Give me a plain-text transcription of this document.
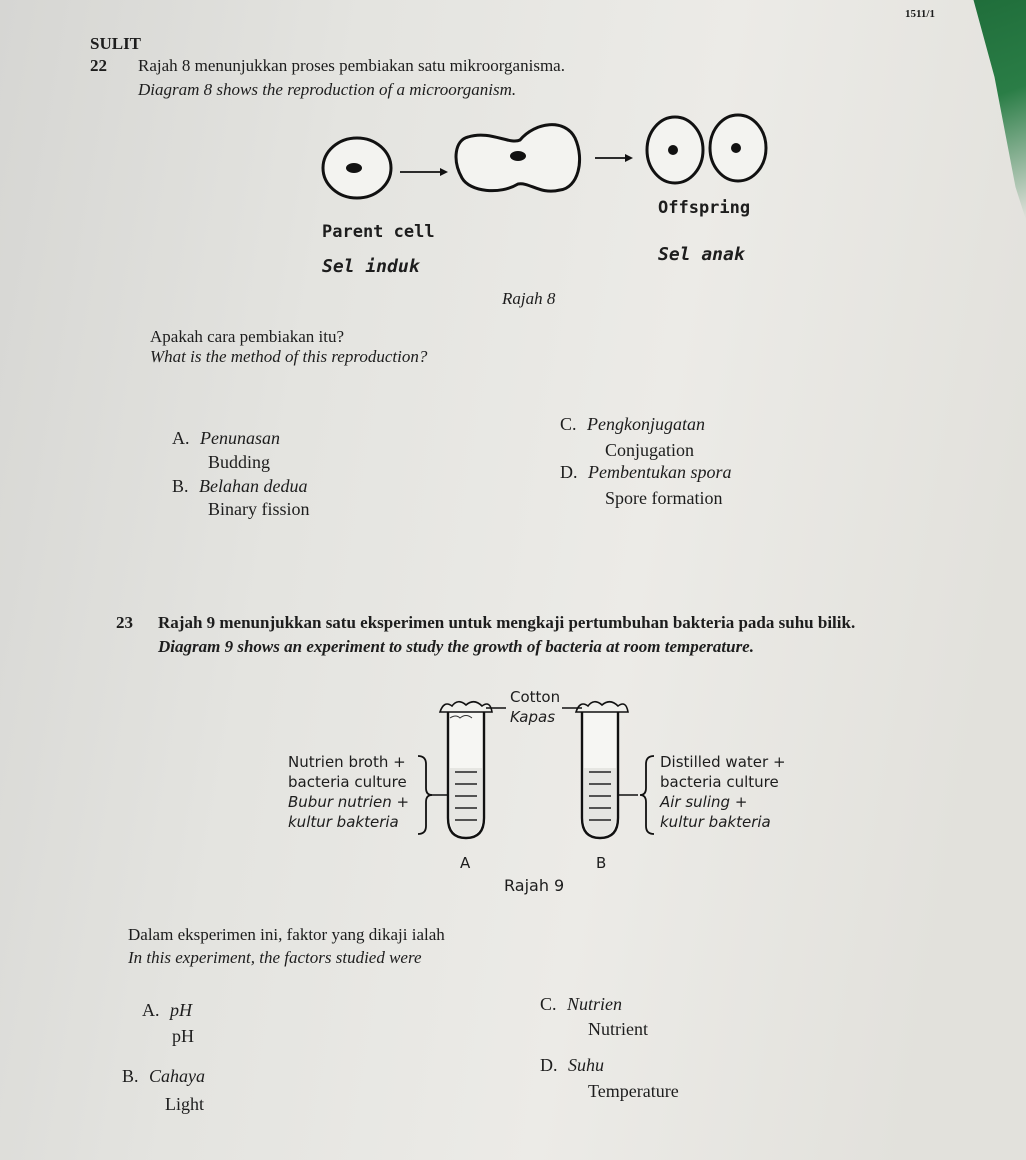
1511/1
SULIT
22 Rajah 8 menunjukkan proses pembiakan satu mikroorganisma.
Diagram 8 shows the reproduction of a microorganism.
Offspring
Parent cell
Sel induk
Sel anak
Rajah 8
Apakah cara pembiakan itu?
What is the method of this reproduction?
A. Penunasan
Budding
B. Belahan dedua
Binary fission
C. Pengkonjugatan
Conjugation
D. Pembentukan spora
Spore formation
23 Rajah 9 menunjukkan satu eksperimen untuk mengkaji pertumbuhan bakteria pada suhu bilik.
Diagram 9 shows an experiment to study the growth of bacteria at room temperature.
Cotton
Kapas
Nutrien broth +
bacteria culture
Bubur nutrien +
kultur bakteria
Distilled water +
bacteria culture
Air suling +
kultur bakteria
A	B
Rajah 9
Dalam eksperimen ini, faktor yang dikaji ialah
In this experiment, the factors studied were
A. pH
pH
B. Cahaya
Light
C. Nutrien
Nutrient
D. Suhu
Temperature
